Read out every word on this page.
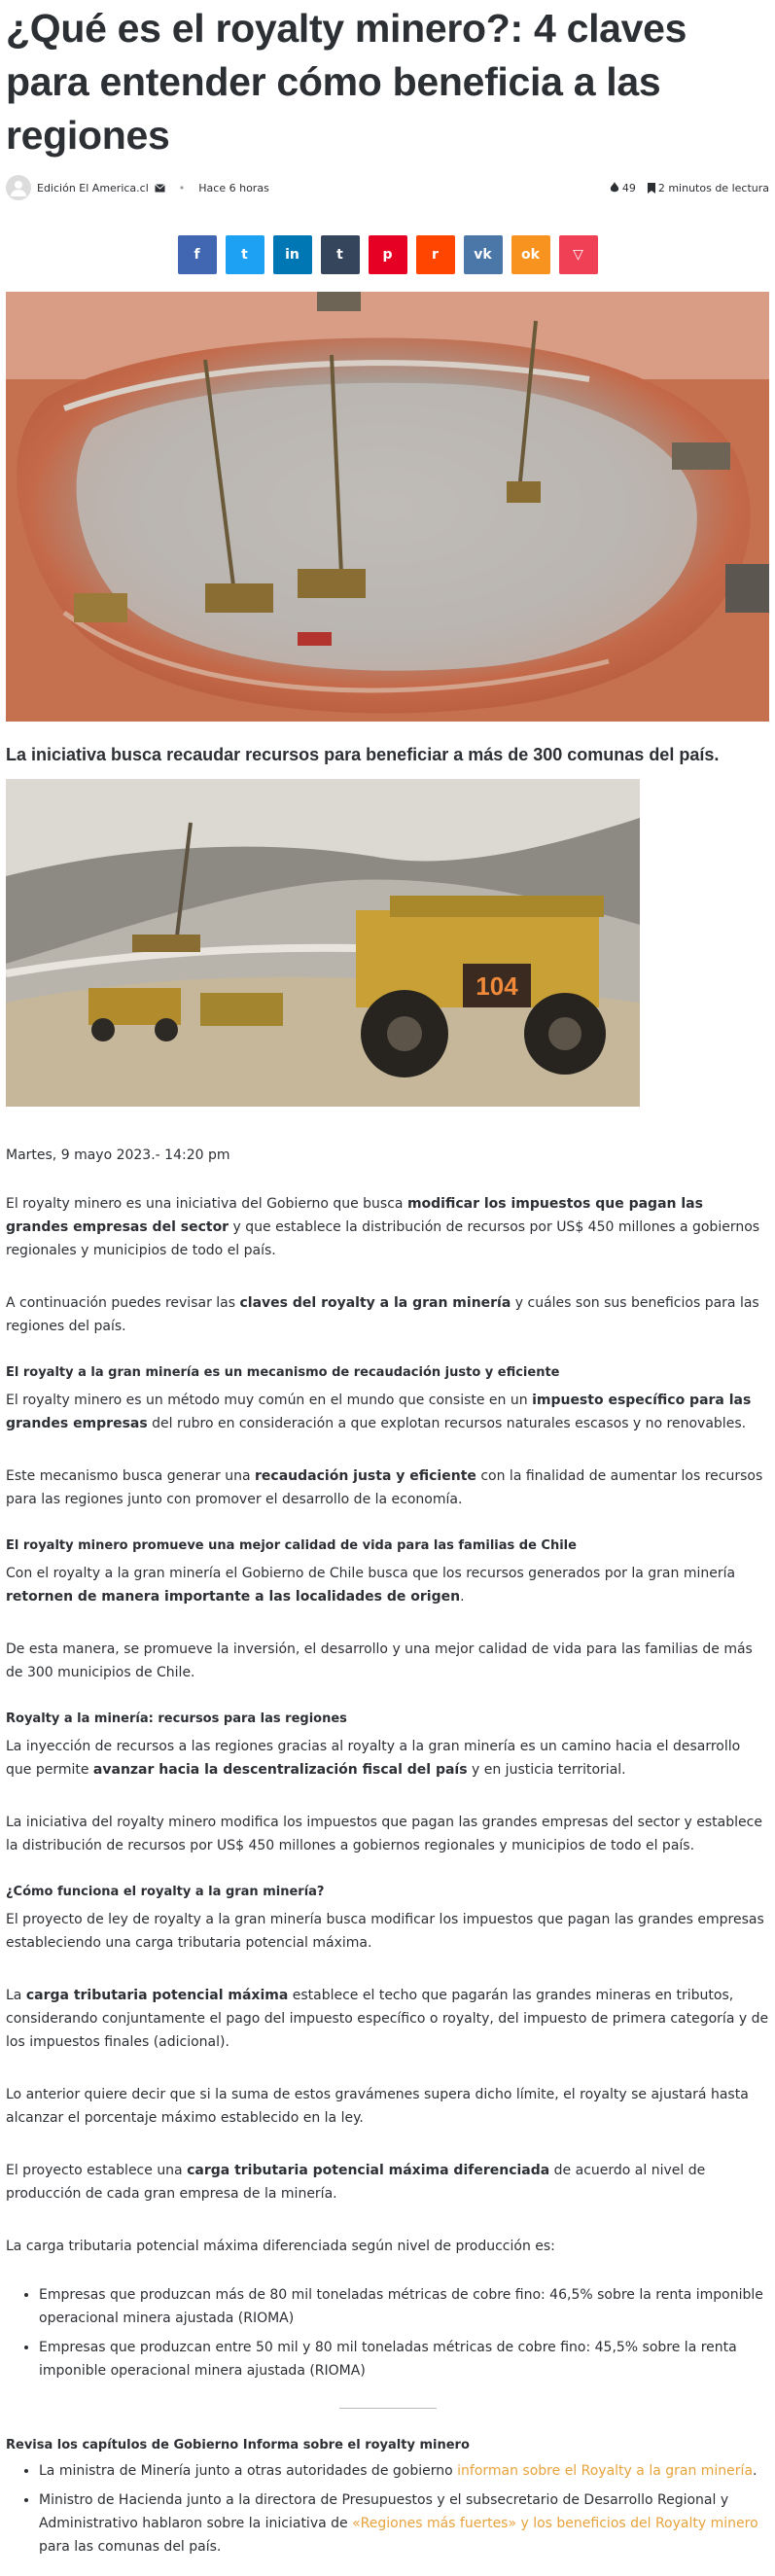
¿Qué es el royalty minero?: 4 claves para entender cómo beneficia a las regiones
Edición El America.cl	• Hace 6 horas	49 2 minutos de lectura
f	t	in	t	p	r	vk ok ▽
La iniciativa busca recaudar recursos para beneficiar a más de 300 comunas del país.
104
Martes, 9 mayo 2023.- 14:20 pm

El royalty minero es una iniciativa del Gobierno que busca modificar los impuestos que pagan las grandes empresas del sector y que establece la distribución de recursos por US$ 450 millones a gobiernos regionales y municipios de todo el país.

A continuación puedes revisar las claves del royalty a la gran minería y cuáles son sus beneficios para las regiones del país.

El royalty a la gran minería es un mecanismo de recaudación justo y eficiente

El royalty minero es un método muy común en el mundo que consiste en un impuesto específico para las grandes empresas del rubro en consideración a que explotan recursos naturales escasos y no renovables.

Este mecanismo busca generar una recaudación justa y eficiente con la finalidad de aumentar los recursos para las regiones junto con promover el desarrollo de la economía.

El royalty minero promueve una mejor calidad de vida para las familias de Chile

Con el royalty a la gran minería el Gobierno de Chile busca que los recursos generados por la gran minería retornen de manera importante a las localidades de origen.

De esta manera, se promueve la inversión, el desarrollo y una mejor calidad de vida para las familias de más de 300 municipios de Chile.

Royalty a la minería: recursos para las regiones

La inyección de recursos a las regiones gracias al royalty a la gran minería es un camino hacia el desarrollo que permite avanzar hacia la descentralización fiscal del país y en justicia territorial.

La iniciativa del royalty minero modifica los impuestos que pagan las grandes empresas del sector y establece la distribución de recursos por US$ 450 millones a gobiernos regionales y municipios de todo el país.

¿Cómo funciona el royalty a la gran minería?

El proyecto de ley de royalty a la gran minería busca modificar los impuestos que pagan las grandes empresas estableciendo una carga tributaria potencial máxima.

La carga tributaria potencial máxima establece el techo que pagarán las grandes mineras en tributos, considerando conjuntamente el pago del impuesto específico o royalty, del impuesto de primera categoría y de los impuestos finales (adicional).

Lo anterior quiere decir que si la suma de estos gravámenes supera dicho límite, el royalty se ajustará hasta alcanzar el porcentaje máximo establecido en la ley.

El proyecto establece una carga tributaria potencial máxima diferenciada de acuerdo al nivel de producción de cada gran empresa de la minería.

La carga tributaria potencial máxima diferenciada según nivel de producción es:

• Empresas que produzcan más de 80 mil toneladas métricas de cobre fino: 46,5% sobre la renta imponible operacional minera ajustada (RIOMA)
• Empresas que produzcan entre 50 mil y 80 mil toneladas métricas de cobre fino: 45,5% sobre la renta imponible operacional minera ajustada (RIOMA)
Revisa los capítulos de Gobierno Informa sobre el royalty minero
• La ministra de Minería junto a otras autoridades de gobierno informan sobre el Royalty a la gran minería.
• Ministro de Hacienda junto a la directora de Presupuestos y el subsecretario de Desarrollo Regional y Administrativo hablaron sobre la iniciativa de «Regiones más fuertes» y los beneficios del Royalty minero para las comunas del país.
